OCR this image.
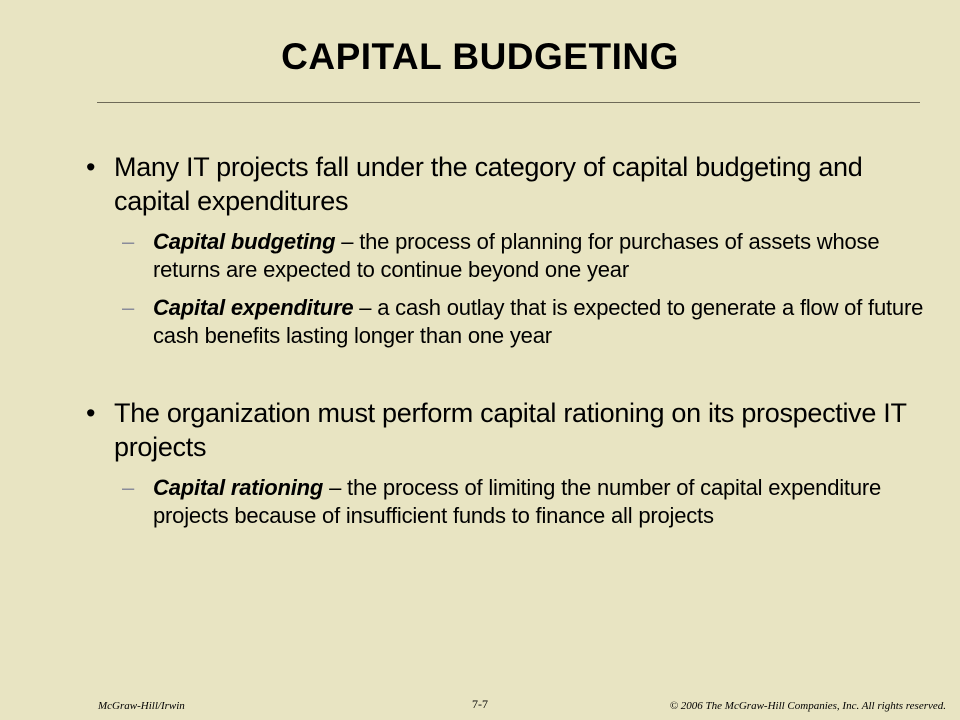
CAPITAL BUDGETING
• Many IT projects fall under the category of capital budgeting and capital expenditures
– Capital budgeting – the process of planning for purchases of assets whose returns are expected to continue beyond one year
– Capital expenditure – a cash outlay that is expected to generate a flow of future cash benefits lasting longer than one year
• The organization must perform capital rationing on its prospective IT projects
– Capital rationing – the process of limiting the number of capital expenditure projects because of insufficient funds to finance all projects
McGraw-Hill/Irwin	7-7	© 2006 The McGraw-Hill Companies, Inc. All rights reserved.
